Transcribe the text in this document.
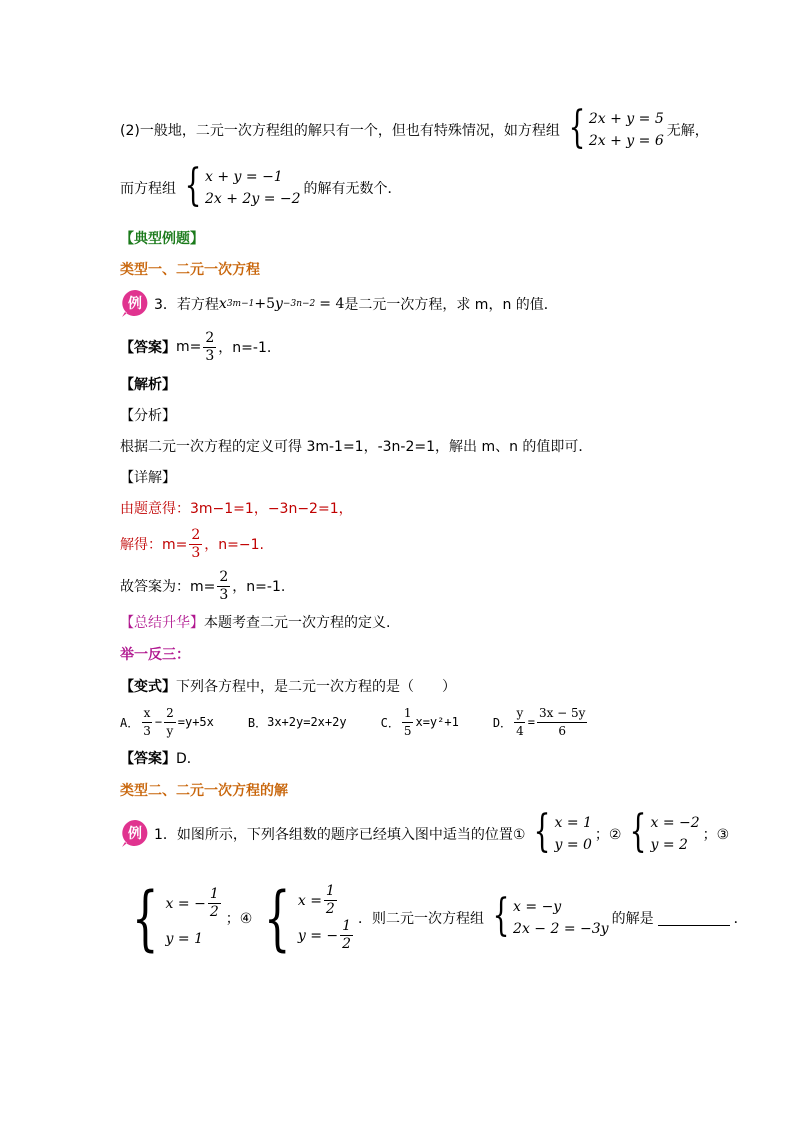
(2)一般地，二元一次方程组的解只有一个，但也有特殊情况，如方程组 { 2x + y = 5
2x + y = 6
无解，
而方程组 { x + y = −1
2x + 2y = −2
的解有无数个．
【典型例题】
类型一、二元一次方程
例 3．若方程 x 3m−1 +5 y −3n−2 = 4 是二元一次方程，求 m，n 的值．
【答案】 $m= \frac{2}{3}$ ，n=-1.
【解析】
【分析】
根据二元一次方程的定义可得 3m-1=1，-3n-2=1，解出 m、n 的值即可．
【详解】
由题意得：3m−1=1，−3n−2=1，
解得：$m= \frac{2}{3}$ ，n=−1.
故答案为：$m= \frac{2}{3}$ ，n=-1.
【总结升华】 本题考查二元一次方程的定义.
举一反三：
【变式】 下列各方程中，是二元一次方程的是（　　）
A． $\frac{x}{3} - \frac{2}{y} =y+5x$	B． 3x+2y=2x+2y	C． $\frac{1}{5} x=y^2+1$	D． $\frac{y}{4} = \frac{3x - 5y}{6}$
【答案】 D．
类型二、二元一次方程的解
例 1．如图所示，下列各组数的题序已经填入图中适当的位置① { x = 1
y = 0
；② { x = −2
y = 2
；③
{ x = − $\frac{1}{2}$
y = 1
；④ { $x = \frac{1}{2}$
y = − $\frac{1}{2}$ ．则二元一次方程组 { x = −y
2x − 2 = −3y
的解是	．
